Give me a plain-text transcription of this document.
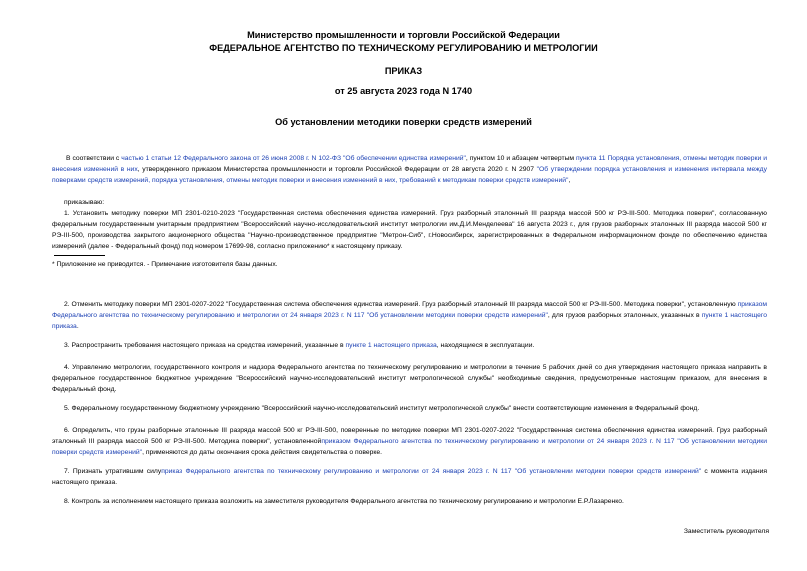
Министерство промышленности и торговли Российской Федерации
ФЕДЕРАЛЬНОЕ АГЕНТСТВО ПО ТЕХНИЧЕСКОМУ РЕГУЛИРОВАНИЮ И МЕТРОЛОГИИ
ПРИКАЗ
от 25 августа 2023 года N 1740
Об установлении методики поверки средств измерений
В соответствии с частью 1 статьи 12 Федерального закона от 26 июня 2008 г. N 102-ФЗ "Об обеспечении единства измерений", пунктом 10 и абзацем четвертым пункта 11 Порядка установления, отмены методик поверки и внесения изменений в них, утвержденного приказом Министерства промышленности и торговли Российской Федерации от 28 августа 2020 г. N 2907 "Об утверждении порядка установления и изменения интервала между поверками средств измерений, порядка установления, отмены методик поверки и внесения изменений в них, требований к методикам поверки средств измерений",
приказываю:
1. Установить методику поверки МП 2301-0210-2023 "Государственная система обеспечения единства измерений. Груз разборный эталонный III разряда массой 500 кг РЭ-III-500. Методика поверки", согласованную федеральным государственным унитарным предприятием "Всероссийский научно-исследовательский институт метрологии им.Д.И.Менделеева" 16 августа 2023 г., для грузов разборных эталонных III разряда массой 500 кг РЭ-III-500, производства закрытого акционерного общества "Научно-производственное предприятие "Метрон-Сиб", г.Новосибирск, зарегистрированных в Федеральном информационном фонде по обеспечению единства измерений (далее - Федеральный фонд) под номером 17699-98, согласно приложению* к настоящему приказу.
* Приложение не приводится. - Примечание изготовителя базы данных.
2. Отменить методику поверки МП 2301-0207-2022 "Государственная система обеспечения единства измерений. Груз разборный эталонный III разряда массой 500 кг РЭ-III-500. Методика поверки", установленную приказом Федерального агентства по техническому регулированию и метрологии от 24 января 2023 г. N 117 "Об установлении методики поверки средств измерений", для грузов разборных эталонных, указанных в пункте 1 настоящего приказа.
3. Распространить требования настоящего приказа на средства измерений, указанные в пункте 1 настоящего приказа, находящиеся в эксплуатации.
4. Управлению метрологии, государственного контроля и надзора Федерального агентства по техническому регулированию и метрологии в течение 5 рабочих дней со дня утверждения настоящего приказа направить в федеральное государственное бюджетное учреждение "Всероссийский научно-исследовательский институт метрологической службы" необходимые сведения, предусмотренные настоящим приказом, для внесения в Федеральный фонд.
5. Федеральному государственному бюджетному учреждению "Всероссийский научно-исследовательский институт метрологической службы" внести соответствующие изменения в Федеральный фонд.
6. Определить, что грузы разборные эталонные III разряда массой 500 кг РЭ-III-500, поверенные по методике поверки МП 2301-0207-2022 "Государственная система обеспечения единства измерений. Груз разборный эталонный III разряда массой 500 кг РЭ-III-500. Методика поверки", установленнойприказом Федерального агентства по техническому регулированию и метрологии от 24 января 2023 г. N 117 "Об установлении методики поверки средств измерений", применяются до даты окончания срока действия свидетельства о поверке.
7. Признать утратившим силуприказ Федерального агентства по техническому регулированию и метрологии от 24 января 2023 г. N 117 "Об установлении методики поверки средств измерений" с момента издания настоящего приказа.
8. Контроль за исполнением настоящего приказа возложить на заместителя руководителя Федерального агентства по техническому регулированию и метрологии Е.Р.Лазаренко.
Заместитель руководителя
